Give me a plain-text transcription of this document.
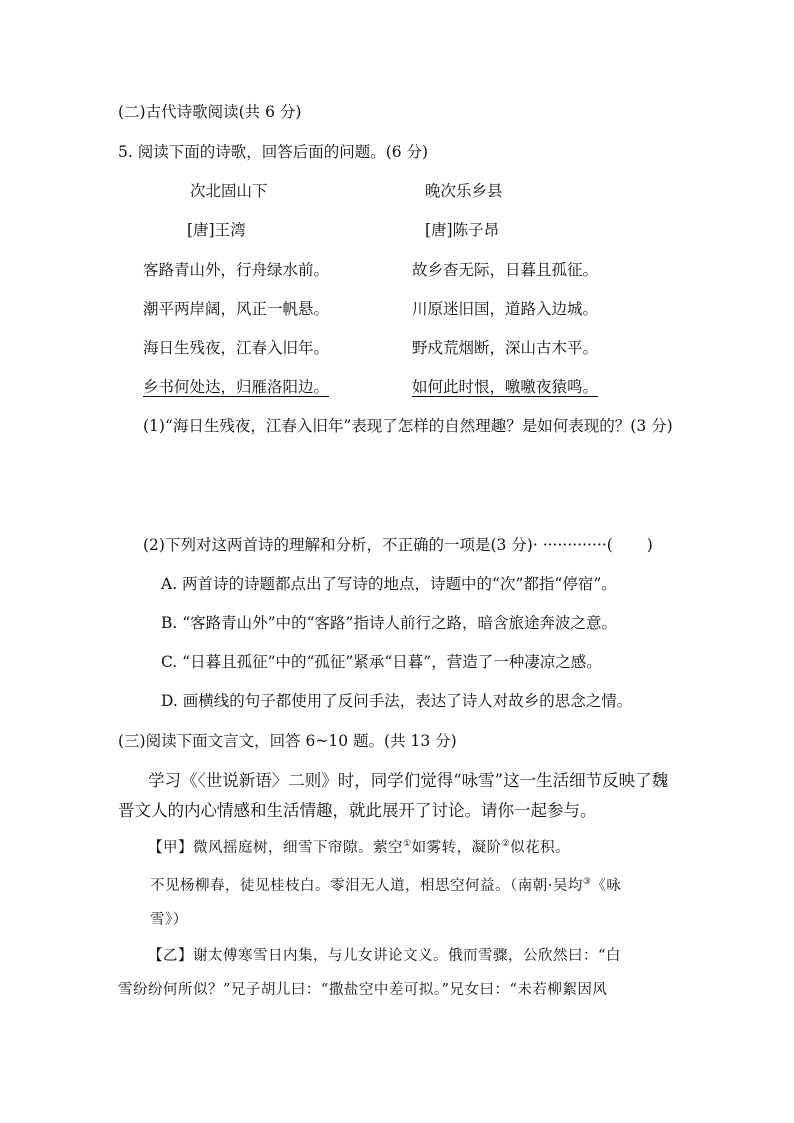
(二)古代诗歌阅读(共 6 分)
5. 阅读下面的诗歌，回答后面的问题。(6 分)
次北固山下	晚次乐乡县
[唐]王湾	[唐]陈子昂
客路青山外，行舟绿水前。	故乡杳无际，日暮且孤征。
潮平两岸阔，风正一帆悬。	川原迷旧国，道路入边城。
海日生残夜，江春入旧年。	野戍荒烟断，深山古木平。
乡书何处达，归雁洛阳边。	如何此时恨，噭噭夜猿鸣。
(1)“海日生残夜，江春入旧年”表现了怎样的自然理趣？是如何表现的？(3 分)
(2)下列对这两首诗的理解和分析，不正确的一项是(3 分)· ·············( )
A. 两首诗的诗题都点出了写诗的地点，诗题中的“次”都指“停宿”。
B. “客路青山外”中的“客路”指诗人前行之路，暗含旅途奔波之意。
C. “日暮且孤征”中的“孤征”紧承“日暮”，营造了一种凄凉之感。
D. 画横线的句子都使用了反问手法，表达了诗人对故乡的思念之情。
(三)阅读下面文言文，回答 6~10 题。(共 13 分)
学习《〈世说新语〉二则》时，同学们觉得“咏雪”这一生活细节反映了魏
晋文人的内心情感和生活情趣，就此展开了讨论。请你一起参与。
【甲】微风摇庭树，细雪下帘隙。萦空①如雾转，凝阶②似花积。
不见杨柳春，徒见桂枝白。零泪无人道，相思空何益。（南朝·吴均③《咏
雪》）
【乙】谢太傅寒雪日内集，与儿女讲论文义。俄而雪骤，公欣然曰：“白
雪纷纷何所似？”兄子胡儿曰：“撒盐空中差可拟。”兄女曰：“未若柳絮因风
